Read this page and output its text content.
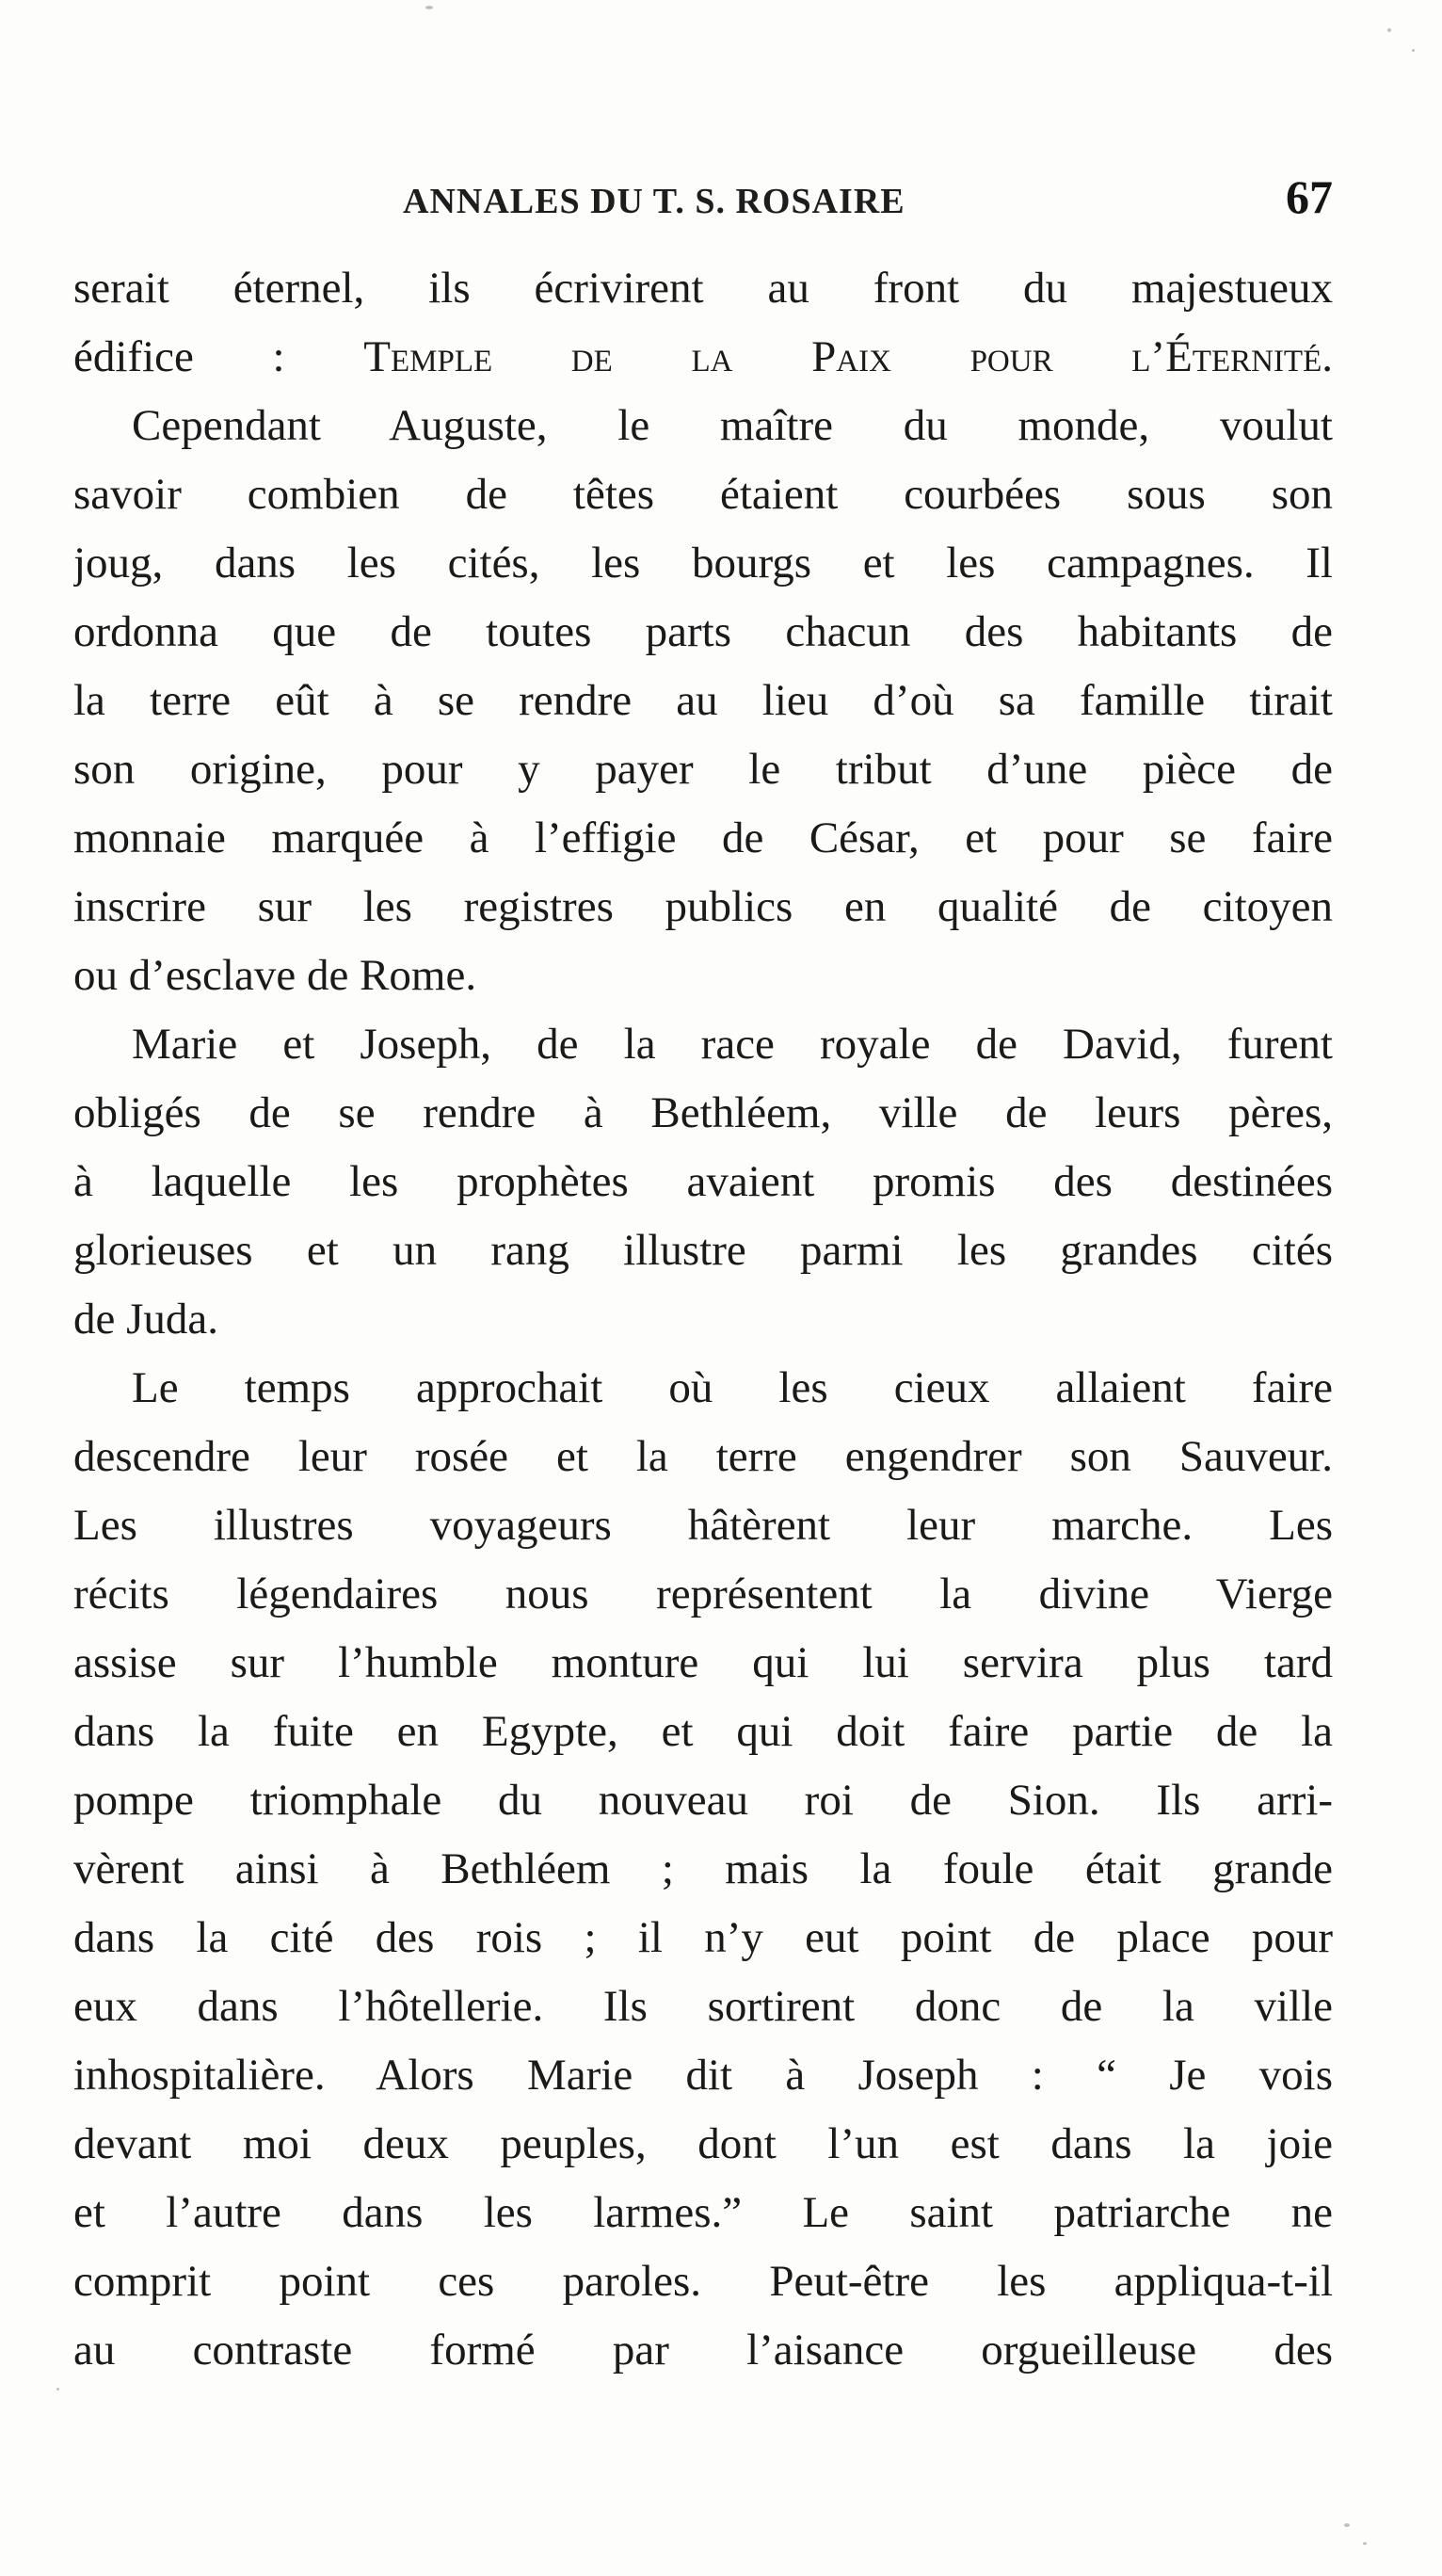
ANNALES DU T. S. ROSAIRE	67
serait éternel, ils écrivirent au front du majestueux
édifice : Temple de la Paix pour l’Éternité.
Cependant Auguste, le maître du monde, voulut
savoir combien de têtes étaient courbées sous son
joug, dans les cités, les bourgs et les campagnes. Il
ordonna que de toutes parts chacun des habitants de
la terre eût à se rendre au lieu d’où sa famille tirait
son origine, pour y payer le tribut d’une pièce de
monnaie marquée à l’effigie de César, et pour se faire
inscrire sur les registres publics en qualité de citoyen
ou d’esclave de Rome.
Marie et Joseph, de la race royale de David, furent
obligés de se rendre à Bethléem, ville de leurs pères,
à laquelle les prophètes avaient promis des destinées
glorieuses et un rang illustre parmi les grandes cités
de Juda.
Le temps approchait où les cieux allaient faire
descendre leur rosée et la terre engendrer son Sauveur.
Les illustres voyageurs hâtèrent leur marche. Les
récits légendaires nous représentent la divine Vierge
assise sur l’humble monture qui lui servira plus tard
dans la fuite en Egypte, et qui doit faire partie de la
pompe triomphale du nouveau roi de Sion. Ils arri-
vèrent ainsi à Bethléem ; mais la foule était grande
dans la cité des rois ; il n’y eut point de place pour
eux dans l’hôtellerie. Ils sortirent donc de la ville
inhospitalière. Alors Marie dit à Joseph : “ Je vois
devant moi deux peuples, dont l’un est dans la joie
et l’autre dans les larmes.” Le saint patriarche ne
comprit point ces paroles. Peut-être les appliqua-t-il
au contraste formé par l’aisance orgueilleuse des
